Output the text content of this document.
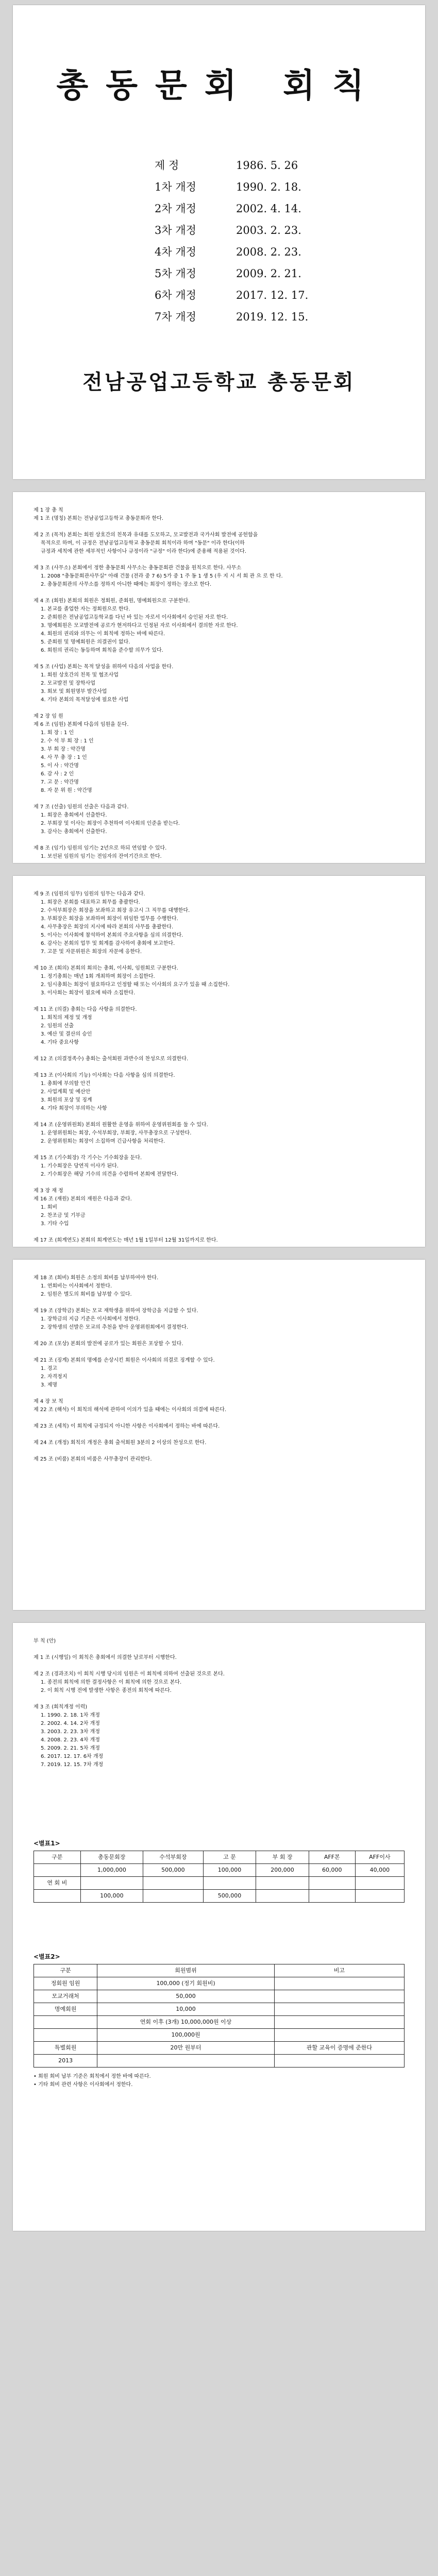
총동문회 회칙
제 정	1986. 5. 26
1차 개정	1990. 2. 18.
2차 개정	2002. 4. 14.
3차 개정	2003. 2. 23.
4차 개정	2008. 2. 23.
5차 개정	2009. 2. 21.
6차 개정	2017. 12. 17.
7차 개정	2019. 12. 15.
전남공업고등학교 총동문회
제 1 장 총 칙
제 1 조 (명칭) 본회는 전남공업고등학교 총동문회라 한다.

제 2 조 (목적) 본회는 회원 상호간의 친목과 유대를 도모하고, 모교발전과 국가사회 발전에 공헌함을
목적으로 하며, 이 규정은 전남공업고등학교 총동문회 회칙이라 하며 "동문" 이라 한다(이하
규정과 세칙에 관한 세부적인 사항이나 규정이라 "규정" 이라 한다)에 준용해 적용된 것이다.

제 3 조 (사무소) 본회에서 정한 총동문회 사무소는 총동문회관 건물을 원칙으로 한다. 사무소
1. 2008 "총동문회관사무실" 아래 건물 (전라 중 7 6) 5가 중 1 주 동 1 생 5 (우 지 시 서 회 관 으 로 한 다.
2. 총동문회관의 사무소를 정하지 아니한 때에는 회장이 정하는 장소로 한다.

제 4 조 (회원) 본회의 회원은 정회원, 준회원, 명예회원으로 구분한다.
1. 본교를 졸업한 자는 정회원으로 한다.
2. 준회원은 전남공업고등학교를 다닌 바 있는 자로서 이사회에서 승인된 자로 한다.
3. 명예회원은 모교발전에 공로가 현저하다고 인정된 자로 이사회에서 결의한 자로 한다.
4. 회원의 권리와 의무는 이 회칙에 정하는 바에 따른다.
5. 준회원 및 명예회원은 의결권이 없다.
6. 회원의 권리는 동등하며 회칙을 준수할 의무가 있다.

제 5 조 (사업) 본회는 목적 달성을 위하여 다음의 사업을 한다.
1. 회원 상호간의 친목 및 협조사업
2. 모교발전 및 장학사업
3. 회보 및 회원명부 발간사업
4. 기타 본회의 목적달성에 필요한 사업

제 2 장 임 원
제 6 조 (임원) 본회에 다음의 임원을 둔다.
1. 회 장 : 1 인
2. 수 석 부 회 장 : 1 인
3. 부 회 장 : 약간명
4. 사 무 총 장 : 1 인
5. 이 사 : 약간명
6. 감 사 : 2 인
7. 고 문 : 약간명
8. 자 문 위 원 : 약간명

제 7 조 (선출) 임원의 선출은 다음과 같다.
1. 회장은 총회에서 선출한다.
2. 부회장 및 이사는 회장이 추천하여 이사회의 인준을 받는다.
3. 감사는 총회에서 선출한다.

제 8 조 (임기) 임원의 임기는 2년으로 하되 연임할 수 있다.
1. 보선된 임원의 임기는 전임자의 잔여기간으로 한다.
제 9 조 (임원의 임무) 임원의 임무는 다음과 같다.
1. 회장은 본회를 대표하고 회무를 총괄한다.
2. 수석부회장은 회장을 보좌하고 회장 유고시 그 직무를 대행한다.
3. 부회장은 회장을 보좌하며 회장이 위임한 업무를 수행한다.
4. 사무총장은 회장의 지시에 따라 본회의 사무를 총괄한다.
5. 이사는 이사회에 참석하여 본회의 주요사항을 심의 의결한다.
6. 감사는 본회의 업무 및 회계를 감사하여 총회에 보고한다.
7. 고문 및 자문위원은 회장의 자문에 응한다.

제 10 조 (회의) 본회의 회의는 총회, 이사회, 임원회로 구분한다.
1. 정기총회는 매년 1회 개최하며 회장이 소집한다.
2. 임시총회는 회장이 필요하다고 인정할 때 또는 이사회의 요구가 있을 때 소집한다.
3. 이사회는 회장이 필요에 따라 소집한다.

제 11 조 (의결) 총회는 다음 사항을 의결한다.
1. 회칙의 제정 및 개정
2. 임원의 선출
3. 예산 및 결산의 승인
4. 기타 중요사항

제 12 조 (의결정족수) 총회는 출석회원 과반수의 찬성으로 의결한다.

제 13 조 (이사회의 기능) 이사회는 다음 사항을 심의 의결한다.
1. 총회에 부의할 안건
2. 사업계획 및 예산안
3. 회원의 포상 및 징계
4. 기타 회장이 부의하는 사항

제 14 조 (운영위원회) 본회의 원활한 운영을 위하여 운영위원회를 둘 수 있다.
1. 운영위원회는 회장, 수석부회장, 부회장, 사무총장으로 구성한다.
2. 운영위원회는 회장이 소집하며 긴급사항을 처리한다.

제 15 조 (기수회장) 각 기수는 기수회장을 둔다.
1. 기수회장은 당연직 이사가 된다.
2. 기수회장은 해당 기수의 의견을 수렴하여 본회에 전달한다.

제 3 장 재 정
제 16 조 (재원) 본회의 재원은 다음과 같다.
1. 회비
2. 찬조금 및 기부금
3. 기타 수입

제 17 조 (회계연도) 본회의 회계연도는 매년 1월 1일부터 12월 31일까지로 한다.
제 18 조 (회비) 회원은 소정의 회비를 납부하여야 한다.
1. 연회비는 이사회에서 정한다.
2. 임원은 별도의 회비를 납부할 수 있다.

제 19 조 (장학금) 본회는 모교 재학생을 위하여 장학금을 지급할 수 있다.
1. 장학금의 지급 기준은 이사회에서 정한다.
2. 장학생의 선발은 모교의 추천을 받아 운영위원회에서 결정한다.

제 20 조 (포상) 본회의 발전에 공로가 있는 회원은 포상할 수 있다.

제 21 조 (징계) 본회의 명예를 손상시킨 회원은 이사회의 의결로 징계할 수 있다.
1. 경고
2. 자격정지
3. 제명

제 4 장 보 칙
제 22 조 (해석) 이 회칙의 해석에 관하여 이의가 있을 때에는 이사회의 의결에 따른다.

제 23 조 (세칙) 이 회칙에 규정되지 아니한 사항은 이사회에서 정하는 바에 따른다.

제 24 조 (개정) 회칙의 개정은 총회 출석회원 3분의 2 이상의 찬성으로 한다.

제 25 조 (비품) 본회의 비품은 사무총장이 관리한다.
부 칙 (안)

제 1 조 (시행일) 이 회칙은 총회에서 의결한 날로부터 시행한다.

제 2 조 (경과조치) 이 회칙 시행 당시의 임원은 이 회칙에 의하여 선출된 것으로 본다.
1. 종전의 회칙에 의한 결정사항은 이 회칙에 의한 것으로 본다.
2. 이 회칙 시행 전에 발생한 사항은 종전의 회칙에 따른다.

제 3 조 (회칙개정 이력)
1. 1990. 2. 18. 1차 개정
2. 2002. 4. 14. 2차 개정
3. 2003. 2. 23. 3차 개정
4. 2008. 2. 23. 4차 개정
5. 2009. 2. 21. 5차 개정
6. 2017. 12. 17. 6차 개정
7. 2019. 12. 15. 7차 개정
<별표1>
구분	총동문회장	수석부회장	고 문	부 회 장	AFF본	AFF이사
	1,000,000	500,000	100,000	200,000	60,000	40,000
연 회 비						
	100,000		500,000			
<별표2>
구분	회원범위	비고
정회원 임원	100,000 (정기 회원비)	
모교거래처	50,000	
명예회원	10,000	
	연회 이후 (3개) 10,000,000원 이상	
	100,000원	
특별회원	20만 원부터	관할 교육이 증명에 준한다
2013		
• 회원 회비 납부 기준은 회칙에서 정한 바에 따른다.
• 기타 회비 관련 사항은 이사회에서 정한다.
